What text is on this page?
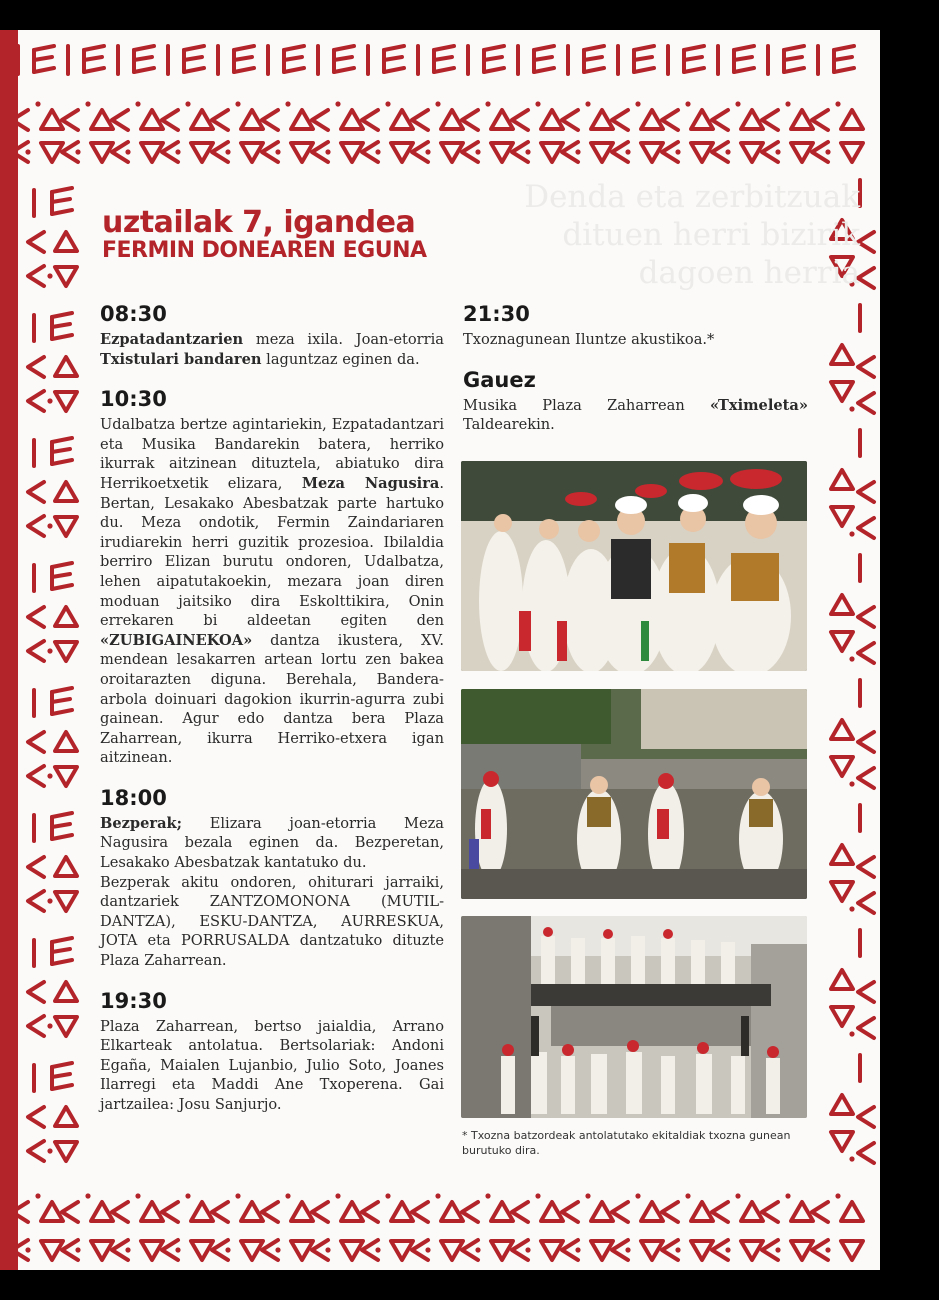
Denda eta zerbitzuak dituen herri bizirik dagoen herria
uztailak 7, igandea
FERMIN DONEAREN EGUNA
08:30

Ezpatadantzarien meza ixila. Joan-etorria Txistulari bandaren laguntzaz eginen da.

10:30

Udalbatza bertze agintariekin, Ezpatadantzari eta Musika Bandarekin batera, herriko ikurrak aitzinean dituztela, abiatuko dira Herrikoetxetik elizara, Meza Nagusira. Bertan, Lesakako Abesbatzak parte hartuko du. Meza ondotik, Fermin Zaindariaren irudiarekin herri guzitik prozesioa. Ibilaldia berriro Elizan burutu ondoren, Udalbatza, lehen aipatutakoekin, mezara joan diren moduan jaitsiko dira Eskolttikira, Onin errekaren bi aldeetan egiten den «ZUBIGAINEKOA» dantza ikustera, XV. mendean lesakarren artean lortu zen bakea oroitarazten diguna. Berehala, Bandera-arbola doinuari dagokion ikurrin-agurra zubi gainean. Agur edo dantza bera Plaza Zaharrean, ikurra Herriko-etxera igan aitzinean.

18:00

Bezperak; Elizara joan-etorria Meza Nagusira bezala eginen da. Bezperetan, Lesakako Abesbatzak kantatuko du.

Bezperak akitu ondoren, ohiturari jarraiki, dantzariek ZANTZOMONONA (MUTIL-DANTZA), ESKU-DANTZA, AURRESKUA, JOTA eta PORRUSALDA dantzatuko dituzte Plaza Zaharrean.

19:30

Plaza Zaharrean, bertso jaialdia, Arrano Elkarteak antolatua. Bertsolariak: Andoni Egaña, Maialen Lujanbio, Julio Soto, Joanes Ilarregi eta Maddi Ane Txoperena. Gai jartzailea: Josu Sanjurjo.

21:30

Txoznagunean Iluntze akustikoa.*

Gauez

Musika Plaza Zaharrean «Tximeleta» Taldearekin.

* Txozna batzordeak antolatutako ekitaldiak txozna gunean burutuko dira.
